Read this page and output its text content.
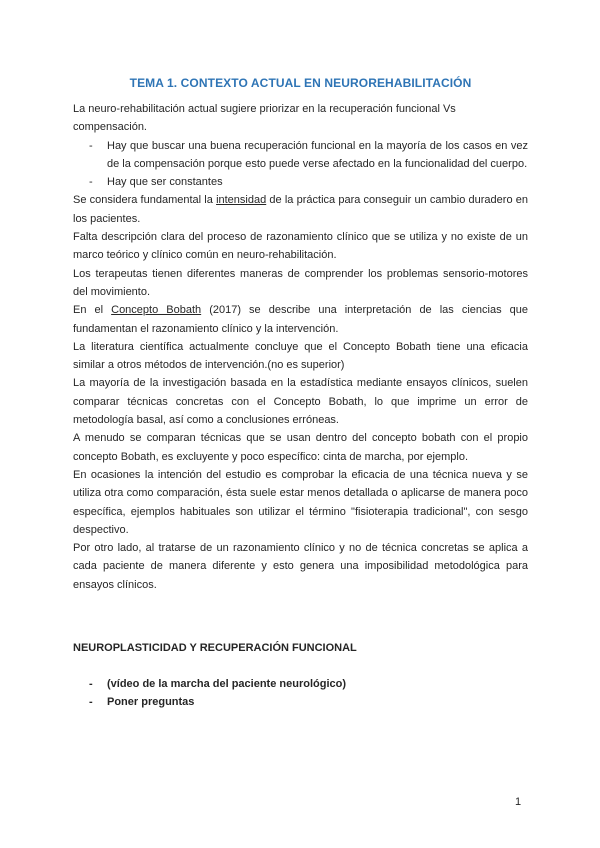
TEMA 1. CONTEXTO ACTUAL EN NEUROREHABILITACIÓN

La neuro-rehabilitación actual sugiere priorizar en la recuperación funcional Vs compensación.

- Hay que buscar una buena recuperación funcional en la mayoría de los casos en vez de la compensación porque esto puede verse afectado en la funcionalidad del cuerpo.
- Hay que ser constantes

Se considera fundamental la intensidad de la práctica para conseguir un cambio duradero en los pacientes.

Falta descripción clara del proceso de razonamiento clínico que se utiliza y no existe de un marco teórico y clínico común en neuro-rehabilitación.

Los terapeutas tienen diferentes maneras de comprender los problemas sensorio-motores del movimiento.

En el Concepto Bobath (2017) se describe una interpretación de las ciencias que fundamentan el razonamiento clínico y la intervención.

La literatura científica actualmente concluye que el Concepto Bobath tiene una eficacia similar a otros métodos de intervención.(no es superior)

La mayoría de la investigación basada en la estadística mediante ensayos clínicos, suelen comparar técnicas concretas con el Concepto Bobath, lo que imprime un error de metodología basal, así como a conclusiones erróneas.

A menudo se comparan técnicas que se usan dentro del concepto bobath con el propio concepto Bobath, es excluyente y poco específico: cinta de marcha, por ejemplo.

En ocasiones la intención del estudio es comprobar la eficacia de una técnica nueva y se utiliza otra como comparación, ésta suele estar menos detallada o aplicarse de manera poco específica, ejemplos habituales son utilizar el término "fisioterapia tradicional", con sesgo despectivo.

Por otro lado, al tratarse de un razonamiento clínico y no de técnica concretas se aplica a cada paciente de manera diferente y esto genera una imposibilidad metodológica para ensayos clínicos.

NEUROPLASTICIDAD Y RECUPERACIÓN FUNCIONAL
- (vídeo de la marcha del paciente neurológico)
- Poner preguntas
1
